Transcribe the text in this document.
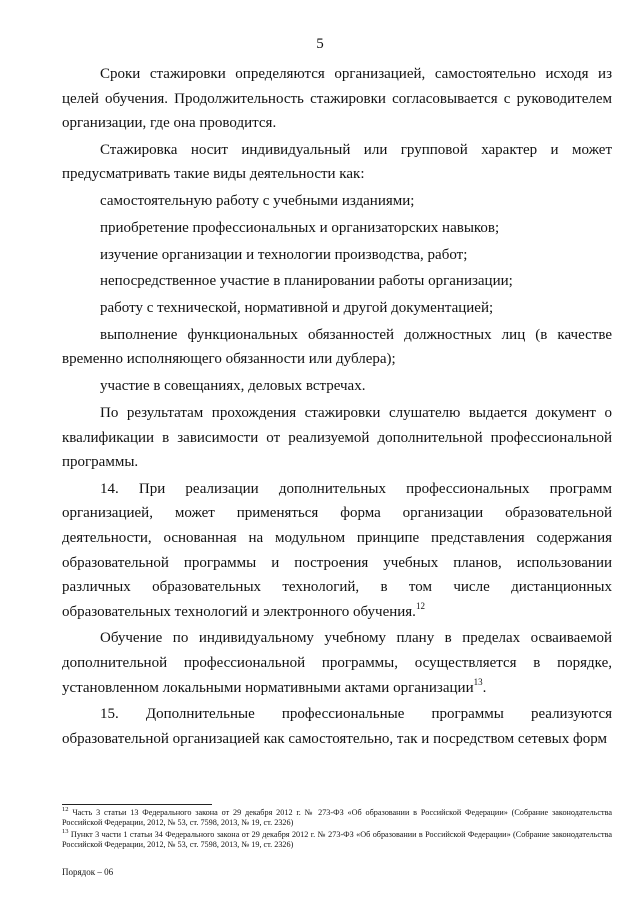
5

Сроки стажировки определяются организацией, самостоятельно исходя из целей обучения. Продолжительность стажировки согласовывается с руководителем организации, где она проводится.

Стажировка носит индивидуальный или групповой характер и может предусматривать такие виды деятельности как:

самостоятельную работу с учебными изданиями;

приобретение профессиональных и организаторских навыков;

изучение организации и технологии производства, работ;

непосредственное участие в планировании работы организации;

работу с технической, нормативной и другой документацией;

выполнение функциональных обязанностей должностных лиц (в качестве временно исполняющего обязанности или дублера);

участие в совещаниях, деловых встречах.

По результатам прохождения стажировки слушателю выдается документ о квалификации в зависимости от реализуемой дополнительной профессиональной программы.

14. При реализации дополнительных профессиональных программ организацией, может применяться форма организации образовательной деятельности, основанная на модульном принципе представления содержания образовательной программы и построения учебных планов, использовании различных образовательных технологий, в том числе дистанционных образовательных технологий и электронного обучения.$^{12}$

Обучение по индивидуальному учебному плану в пределах осваиваемой дополнительной профессиональной программы, осуществляется в порядке, установленном локальными нормативными актами организации$^{13}$.

15. Дополнительные профессиональные программы реализуются образовательной организацией как самостоятельно, так и посредством сетевых форм

$^{12}$ Часть 3 статьи 13 Федерального закона от 29 декабря 2012 г. № 273-ФЗ «Об образовании в Российской Федерации» (Собрание законодательства Российской Федерации, 2012, № 53, ст. 7598, 2013, № 19, ст. 2326)

$^{13}$ Пункт 3 части 1 статьи 34 Федерального закона от 29 декабря 2012 г. № 273-ФЗ «Об образовании в Российской Федерации» (Собрание законодательства Российской Федерации, 2012, № 53, ст. 7598, 2013, № 19, ст. 2326)

Порядок – 06
